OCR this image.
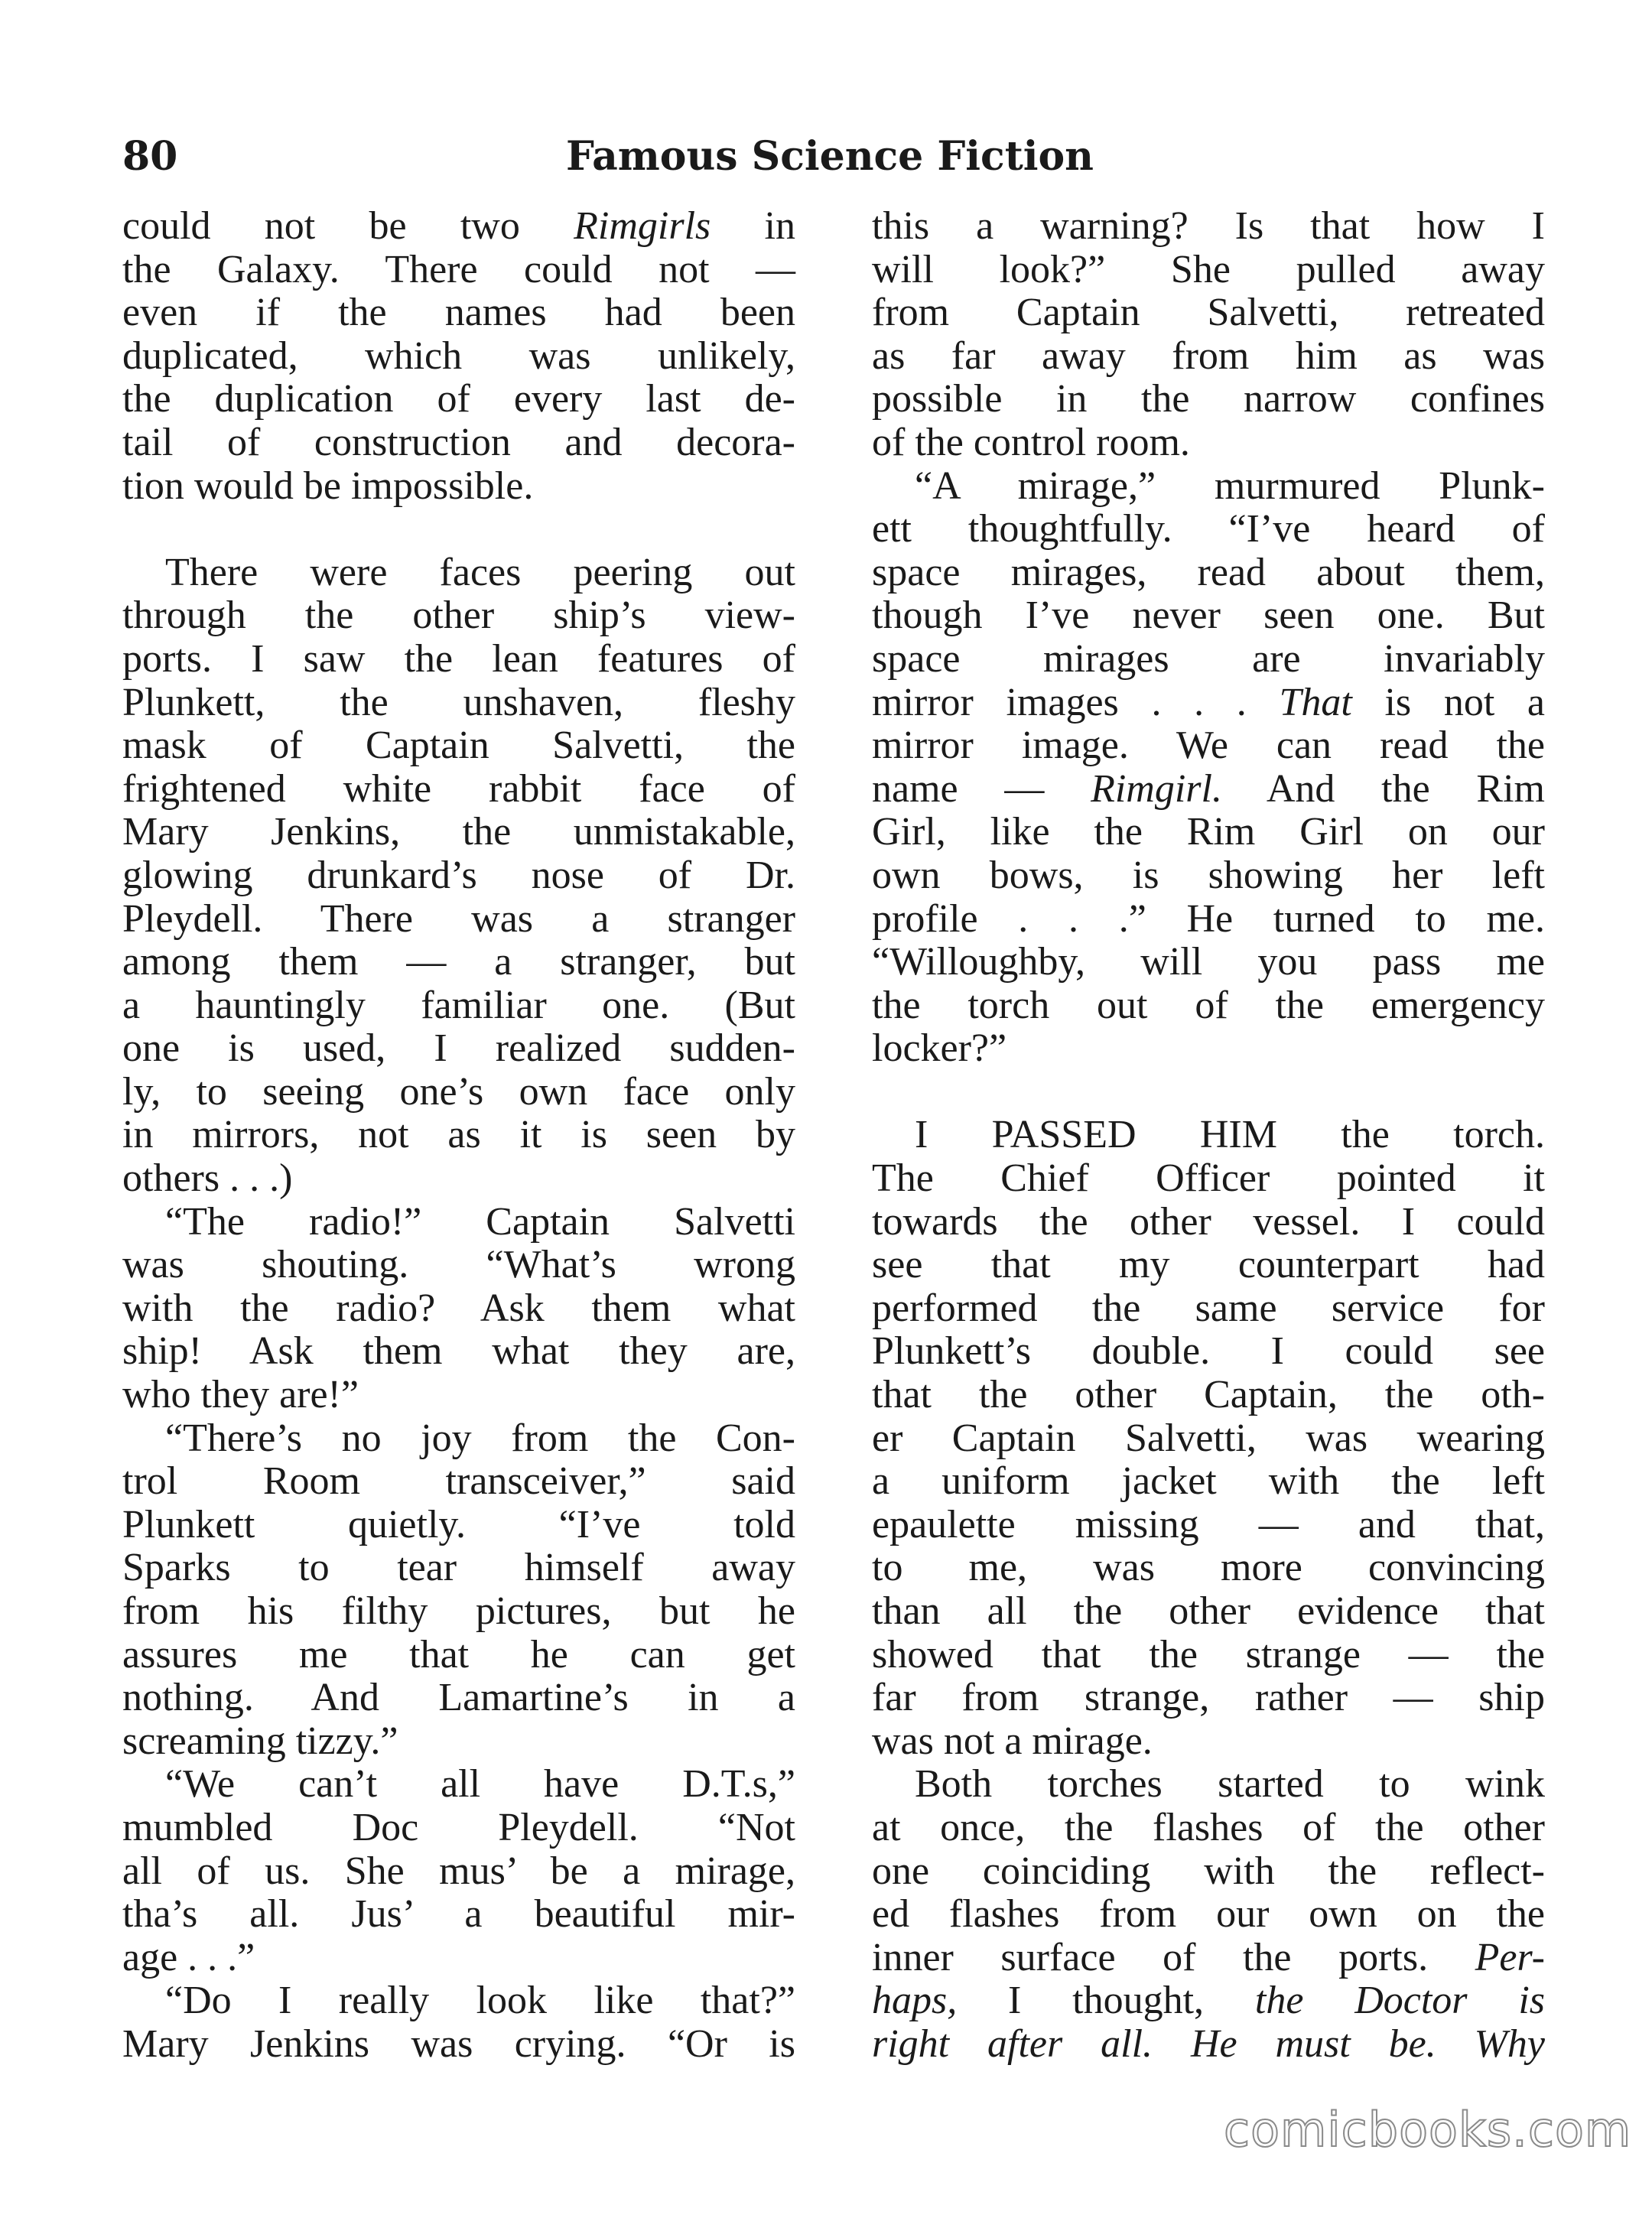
80	Famous Science Fiction
could not be two Rimgirls in
the Galaxy. There could not —
even if the names had been
duplicated, which was unlikely,
the duplication of every last de-
tail of construction and decora-
tion would be impossible.
There were faces peering out
through the other ship’s view-
ports. I saw the lean features of
Plunkett, the unshaven, fleshy
mask of Captain Salvetti, the
frightened white rabbit face of
Mary Jenkins, the unmistakable,
glowing drunkard’s nose of Dr.
Pleydell. There was a stranger
among them — a stranger, but
a hauntingly familiar one. (But
one is used, I realized sudden-
ly, to seeing one’s own face only
in mirrors, not as it is seen by
others . . .)
“The radio!” Captain Salvetti
was shouting. “What’s wrong
with the radio? Ask them what
ship! Ask them what they are,
who they are!”
“There’s no joy from the Con-
trol Room transceiver,” said
Plunkett quietly. “I’ve told
Sparks to tear himself away
from his filthy pictures, but he
assures me that he can get
nothing. And Lamartine’s in a
screaming tizzy.”
“We can’t all have D.T.s,”
mumbled Doc Pleydell. “Not
all of us. She mus’ be a mirage,
tha’s all. Jus’ a beautiful mir-
age . . .”
“Do I really look like that?”
Mary Jenkins was crying. “Or is
this a warning? Is that how I
will look?” She pulled away
from Captain Salvetti, retreated
as far away from him as was
possible in the narrow confines
of the control room.
“A mirage,” murmured Plunk-
ett thoughtfully. “I’ve heard of
space mirages, read about them,
though I’ve never seen one. But
space mirages are invariably
mirror images . . . That is not a
mirror image. We can read the
name — Rimgirl. And the Rim
Girl, like the Rim Girl on our
own bows, is showing her left
profile . . .” He turned to me.
“Willoughby, will you pass me
the torch out of the emergency
locker?”
I PASSED HIM the torch.
The Chief Officer pointed it
towards the other vessel. I could
see that my counterpart had
performed the same service for
Plunkett’s double. I could see
that the other Captain, the oth-
er Captain Salvetti, was wearing
a uniform jacket with the left
epaulette missing — and that,
to me, was more convincing
than all the other evidence that
showed that the strange — the
far from strange, rather — ship
was not a mirage.
Both torches started to wink
at once, the flashes of the other
one coinciding with the reflect-
ed flashes from our own on the
inner surface of the ports. Per-
haps, I thought, the Doctor is
right after all. He must be. Why
comicbooks.com
